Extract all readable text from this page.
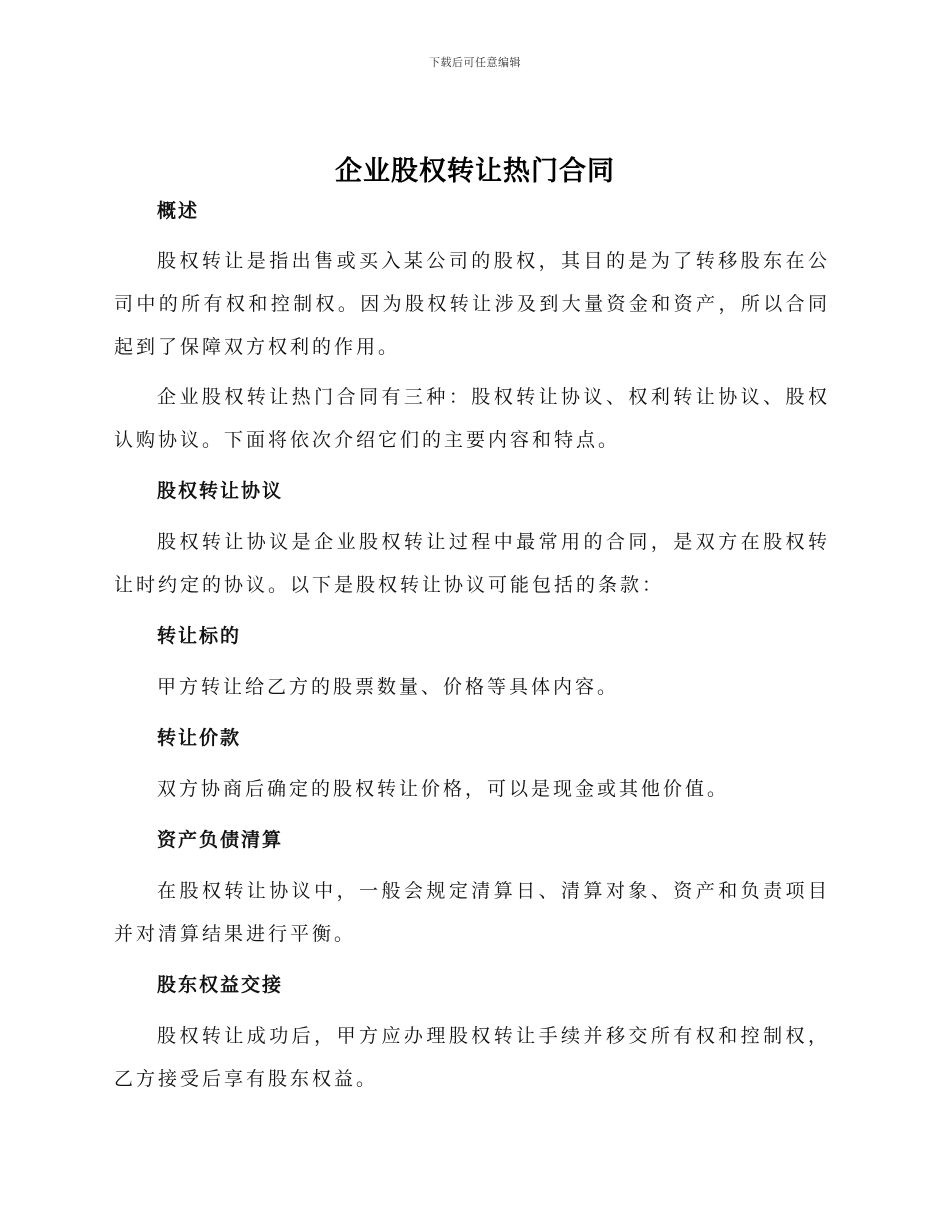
下载后可任意编辑
企业股权转让热门合同

概述

股权转让是指出售或买入某公司的股权，其目的是为了转移股东在公司中的所有权和控制权。因为股权转让涉及到大量资金和资产，所以合同起到了保障双方权利的作用。

企业股权转让热门合同有三种：股权转让协议、权利转让协议、股权认购协议。下面将依次介绍它们的主要内容和特点。

股权转让协议

股权转让协议是企业股权转让过程中最常用的合同，是双方在股权转让时约定的协议。以下是股权转让协议可能包括的条款：

转让标的

甲方转让给乙方的股票数量、价格等具体内容。

转让价款

双方协商后确定的股权转让价格，可以是现金或其他价值。

资产负债清算

在股权转让协议中，一般会规定清算日、清算对象、资产和负责项目并对清算结果进行平衡。

股东权益交接

股权转让成功后，甲方应办理股权转让手续并移交所有权和控制权，乙方接受后享有股东权益。
